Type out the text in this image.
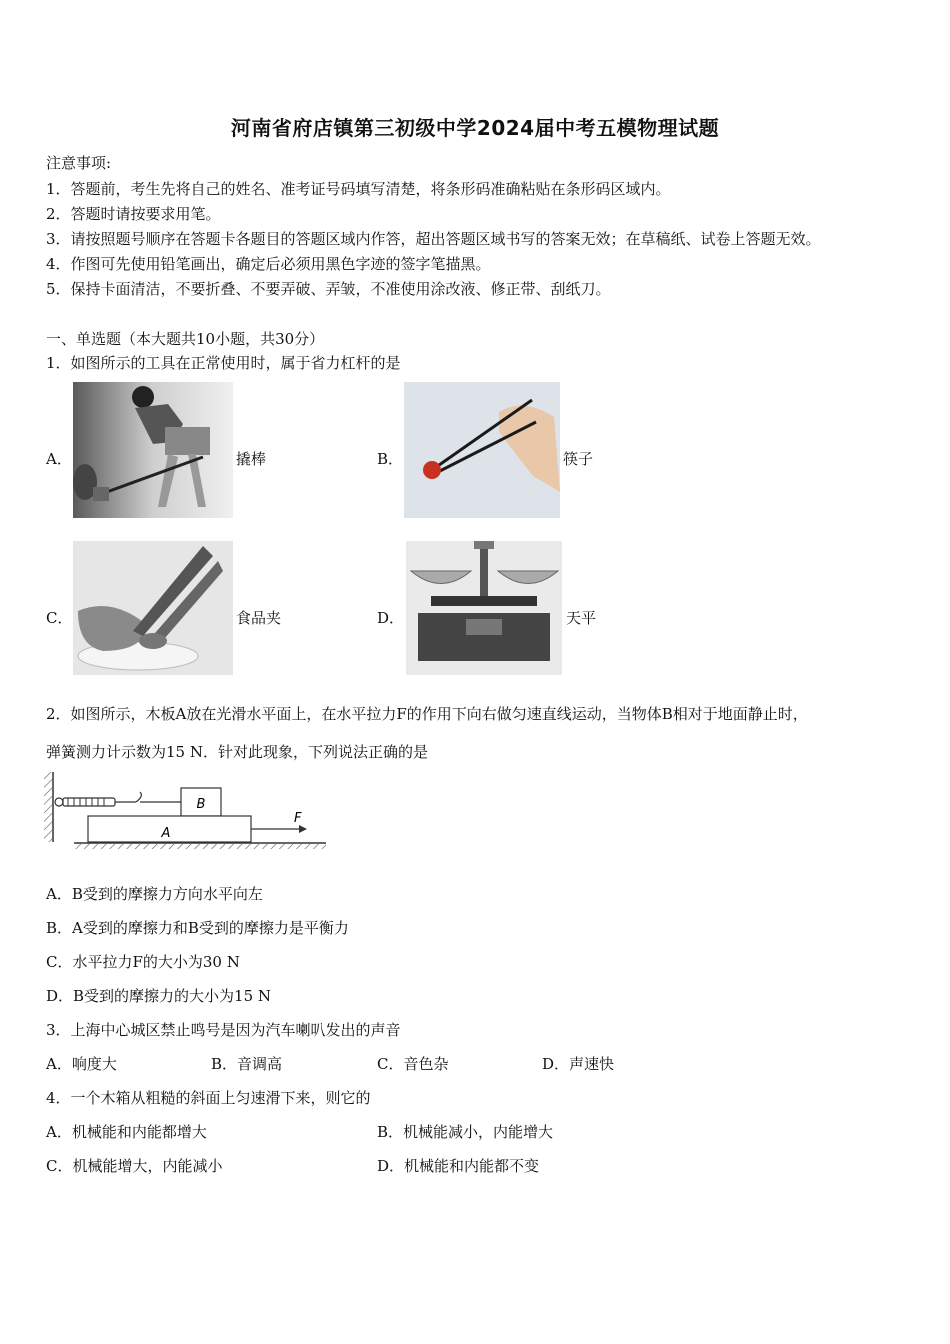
河南省府店镇第三初级中学2024届中考五模物理试题
注意事项:
1．答题前，考生先将自己的姓名、准考证号码填写清楚，将条形码准确粘贴在条形码区域内。
2．答题时请按要求用笔。
3．请按照题号顺序在答题卡各题目的答题区域内作答，超出答题区域书写的答案无效；在草稿纸、试卷上答题无效。
4．作图可先使用铅笔画出，确定后必须用黑色字迹的签字笔描黑。
5．保持卡面清洁，不要折叠、不要弄破、弄皱，不准使用涂改液、修正带、刮纸刀。
一、单选题（本大题共10小题，共30分）
1．如图所示的工具在正常使用时，属于省力杠杆的是
A．	撬棒	B．	筷子
C．	食品夹	D．	天平
2．如图所示，木板A放在光滑水平面上，在水平拉力F的作用下向右做匀速直线运动，当物体B相对于地面静止时，
弹簧测力计示数为15 N．针对此现象，下列说法正确的是
B
A
F
A．B受到的摩擦力方向水平向左
B．A受到的摩擦力和B受到的摩擦力是平衡力
C．水平拉力F的大小为30 N
D．B受到的摩擦力的大小为15 N
3．上海中心城区禁止鸣号是因为汽车喇叭发出的声音
A．响度大	B．音调高	C．音色杂	D．声速快
4．一个木箱从粗糙的斜面上匀速滑下来，则它的
A．机械能和内能都增大	B．机械能减小，内能增大
C．机械能增大，内能减小	D．机械能和内能都不变
